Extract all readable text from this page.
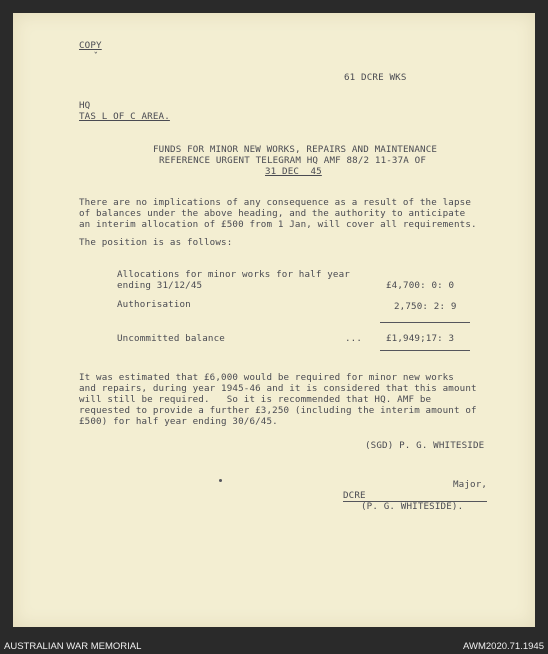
COPY
ˇ
61 DCRE WKS
HQ
TAS L OF C AREA.
FUNDS FOR MINOR NEW WORKS, REPAIRS AND MAINTENANCE
REFERENCE URGENT TELEGRAM HQ AMF 88/2 11-37A OF
31 DEC  45
There are no implications of any consequence as a result of the lapse
of balances under the above heading, and the authority to anticipate
an interim allocation of £500 from 1 Jan, will cover all requirements.
The position is as follows:
Allocations for minor works for half year
ending 31/12/45	£4,700: 0: 0
Authorisation	2,750: 2: 9
Uncommitted balance	...	£1,949;17: 3
It was estimated that £6,000 would be required for minor new works
and repairs, during year 1945-46 and it is considered that this amount
will still be required.   So it is recommended that HQ. AMF be
requested to provide a further £3,250 (including the interim amount of
£500) for half year ending 30/6/45.
(SGD) P. G. WHITESIDE
Major,
DCRE
(P. G. WHITESIDE).
AUSTRALIAN WAR MEMORIAL	AWM2020.71.1945
